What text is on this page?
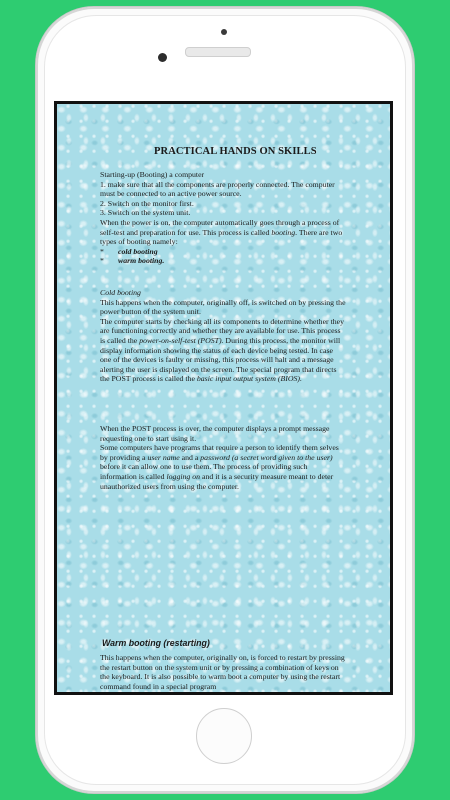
PRACTICAL HANDS ON SKILLS
Starting-up (Booting) a computer
1. make sure that all the components are properly connected. The computer must be connected to an active power source.
2. Switch on the monitor first.
3. Switch on the system unit.
When the power is on, the computer automatically goes through a process of self-test and preparation for use. This process is called booting. There are two types of booting namely:
*	cold booting
*	warm booting.
Cold booting
This happens when the computer, originally off, is switched on by pressing the power button of the system unit.
The computer starts by checking all its components to determine whether they are functioning correctly and whether they are available for use. This process is called the power-on-self-test (POST). During this process, the monitor will display information showing the status of each device being tested. In case one of the devices is faulty or missing, this process will halt and a message alerting the user is displayed on the screen. The special program that directs the POST process is called the basic input output system (BIOS).
When the POST process is over, the computer displays a prompt message requesting one to start using it.
Some computers have programs that require a person to identify them selves by providing a user name and a password (a secret word given to the user) before it can allow one to use them. The process of providing such information is called logging on and it is a security measure meant to deter unauthorized users from using the computer.
Warm booting (restarting)
This happens when the computer, originally on, is forced to restart by pressing the restart button on the system unit or by pressing a combination of keys on the keyboard. It is also possible to warm boot a computer by using the restart command found in a special program
